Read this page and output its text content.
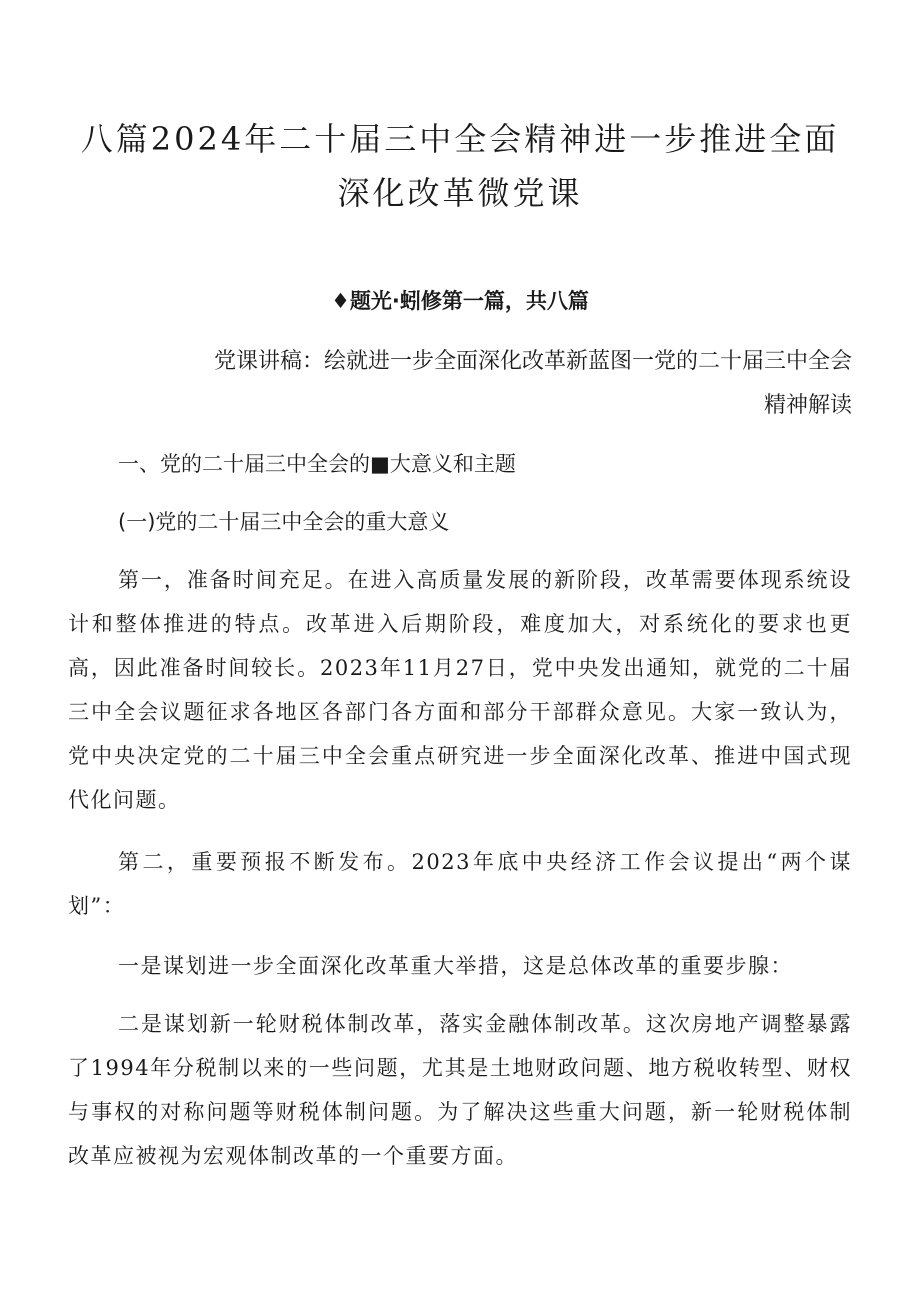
八篇2024年二十届三中全会精神进一步推进全面深化改革微党课
♦题光·蚓修第一篇，共八篇
党课讲稿：绘就进一步全面深化改革新蓝图一党的二十届三中全会
精神解读
一、党的二十届三中全会的■大意义和主题
(一)党的二十届三中全会的重大意义

第一，准备时间充足。在进入高质量发展的新阶段，改革需要体现系统设计和整体推进的特点。改革进入后期阶段，难度加大，对系统化的要求也更高，因此准备时间较长。2023年11月27日，党中央发出通知，就党的二十届三中全会议题征求各地区各部门各方面和部分干部群众意见。大家一致认为，党中央决定党的二十届三中全会重点研究进一步全面深化改革、推进中国式现代化问题。

第二，重要预报不断发布。2023年底中央经济工作会议提出“两个谋划”：

一是谋划进一步全面深化改革重大举措，这是总体改革的重要步腺：

二是谋划新一轮财税体制改革，落实金融体制改革。这次房地产调整暴露了1994年分税制以来的一些问题，尤其是土地财政问题、地方税收转型、财权与事权的对称问题等财税体制问题。为了解决这些重大问题，新一轮财税体制改革应被视为宏观体制改革的一个重要方面。
